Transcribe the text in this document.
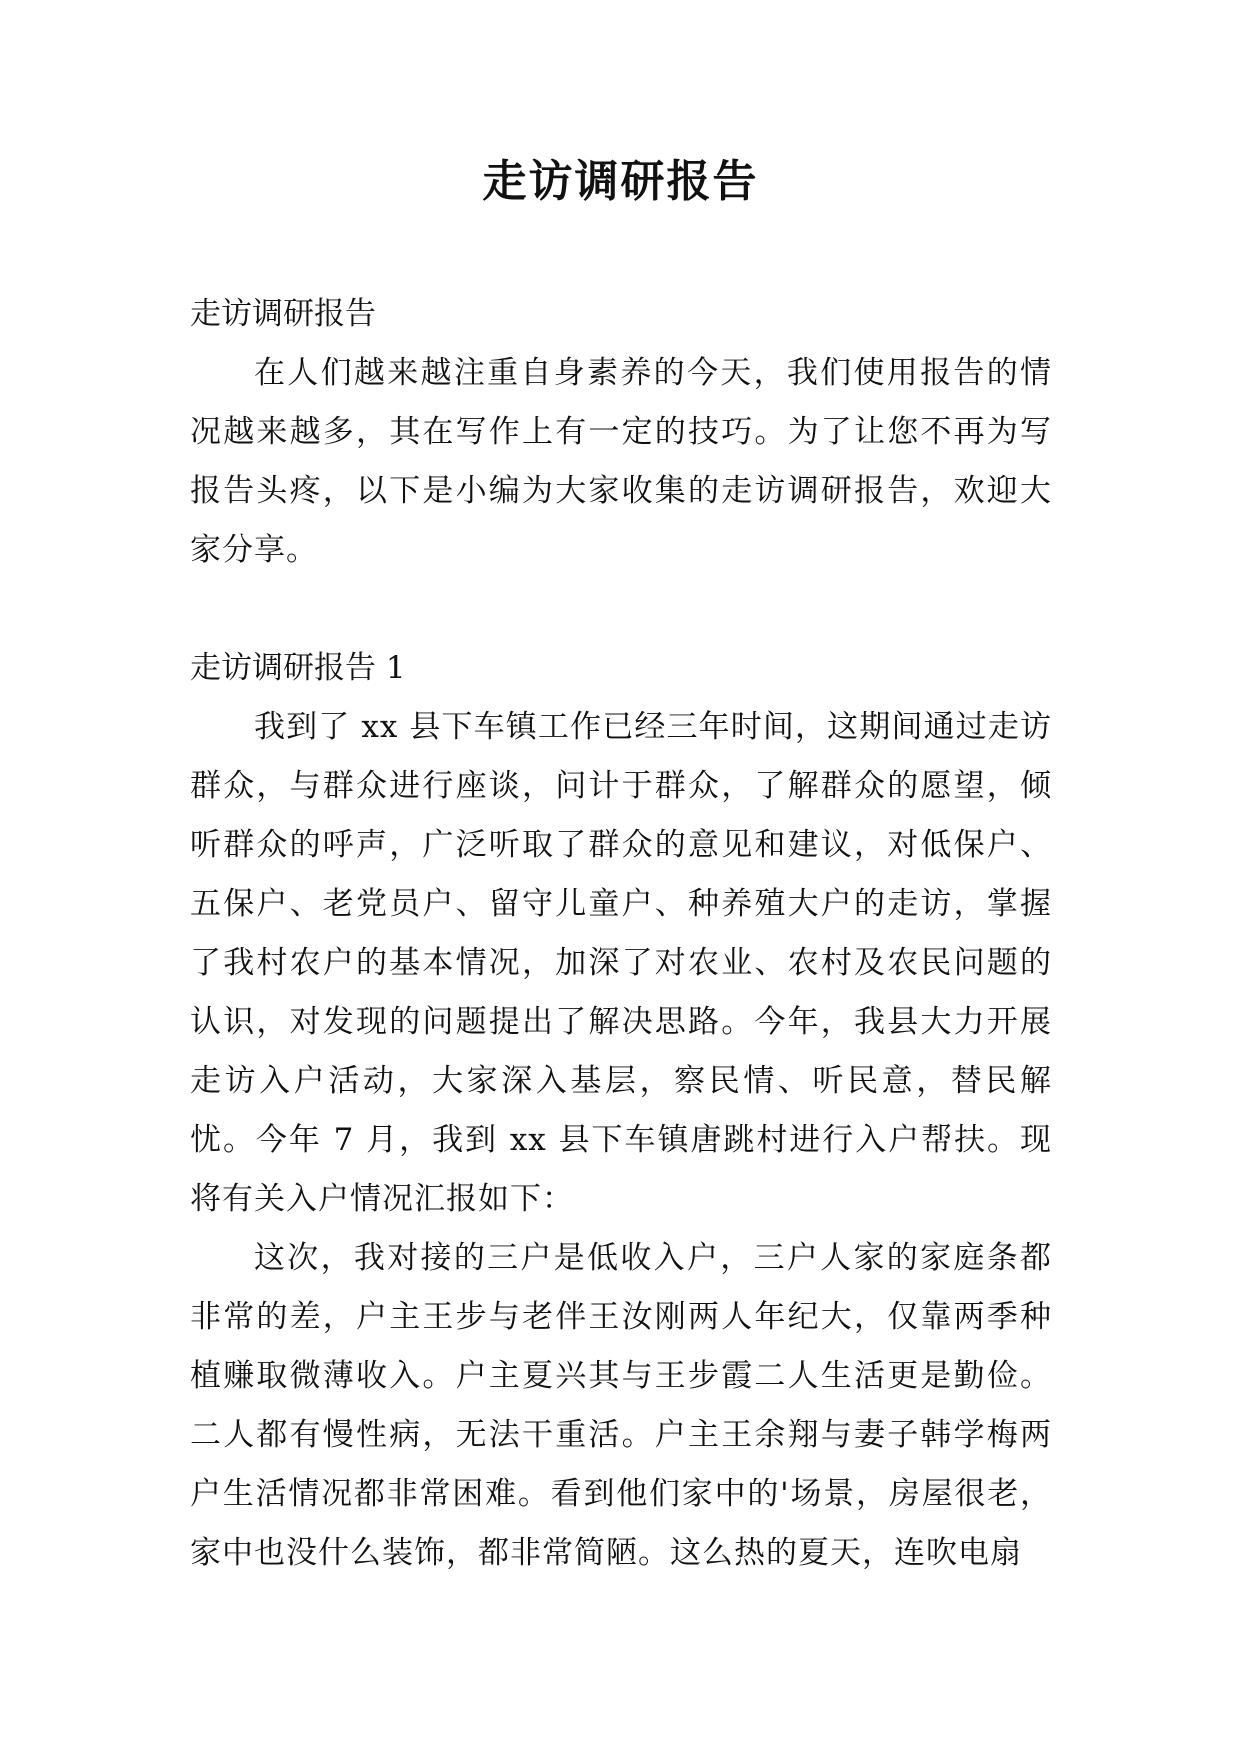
走访调研报告

走访调研报告

在人们越来越注重自身素养的今天，我们使用报告的情况越来越多，其在写作上有一定的技巧。为了让您不再为写报告头疼，以下是小编为大家收集的走访调研报告，欢迎大家分享。

走访调研报告 1

我到了 xx 县下车镇工作已经三年时间，这期间通过走访群众，与群众进行座谈，问计于群众，了解群众的愿望，倾听群众的呼声，广泛听取了群众的意见和建议，对低保户、五保户、老党员户、留守儿童户、种养殖大户的走访，掌握了我村农户的基本情况，加深了对农业、农村及农民问题的认识，对发现的问题提出了解决思路。今年，我县大力开展走访入户活动，大家深入基层，察民情、听民意，替民解忧。今年 7 月，我到 xx 县下车镇唐跳村进行入户帮扶。现将有关入户情况汇报如下：

这次，我对接的三户是低收入户，三户人家的家庭条都非常的差，户主王步与老伴王汝刚两人年纪大，仅靠两季种植赚取微薄收入。户主夏兴其与王步霞二人生活更是勤俭。二人都有慢性病，无法干重活。户主王余翔与妻子韩学梅两户生活情况都非常困难。看到他们家中的'场景，房屋很老，家中也没什么装饰，都非常简陋。这么热的夏天，连吹电扇
